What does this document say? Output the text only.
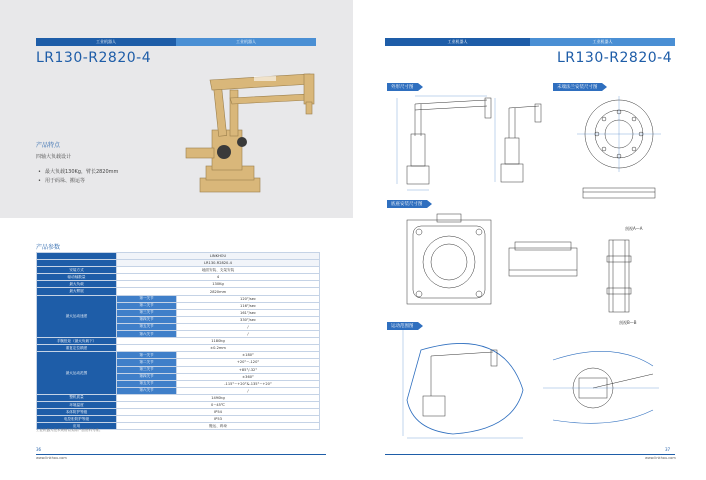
工业机器人	工业机器人
LR130-R2820-4
产品特点
四轴大负载设计
• 最大负载130Kg，臂长2820mm
• 用于码垛、搬运等
产品参数
	LINKHOU	
	LR130-R2820-4	
安装方式	地面安装、支架安装	
驱动轴数量	4	
最大负载	130Kg	
最大臂展	2820mm	
最大运动速度	第一关节	120°/sec
	第二关节	116°/sec
	第三关节	161°/sec
	第四关节	330°/sec
	第五关节	/
	第六关节	/
手腕扭矩（最大负载下）	1180kg	
重复定位精度	±0.2mm	
最大运动范围	第一关节	±180°
	第二关节	+20°~-120°
	第三关节	+85°/-32°
	第四关节	±360°
	第五关节	-115°~+20°&-135°~+20°
	第六关节	/
整机质量	1490kg	
环境温度	0~45℃	
本体防护等级	IP54	
电控柜防护等级	IP53	
应用	搬运、码垛	
工业机器人技术规格以实际产品资料为准。
36
www.linkhou.com
工业机器人	工业机器人
LR130-R2820-4
外形尺寸图	末端法兰安装尺寸图
剖视A—A
底座安装尺寸图
剖视B—B
运动范围图
37
www.linkhou.com
